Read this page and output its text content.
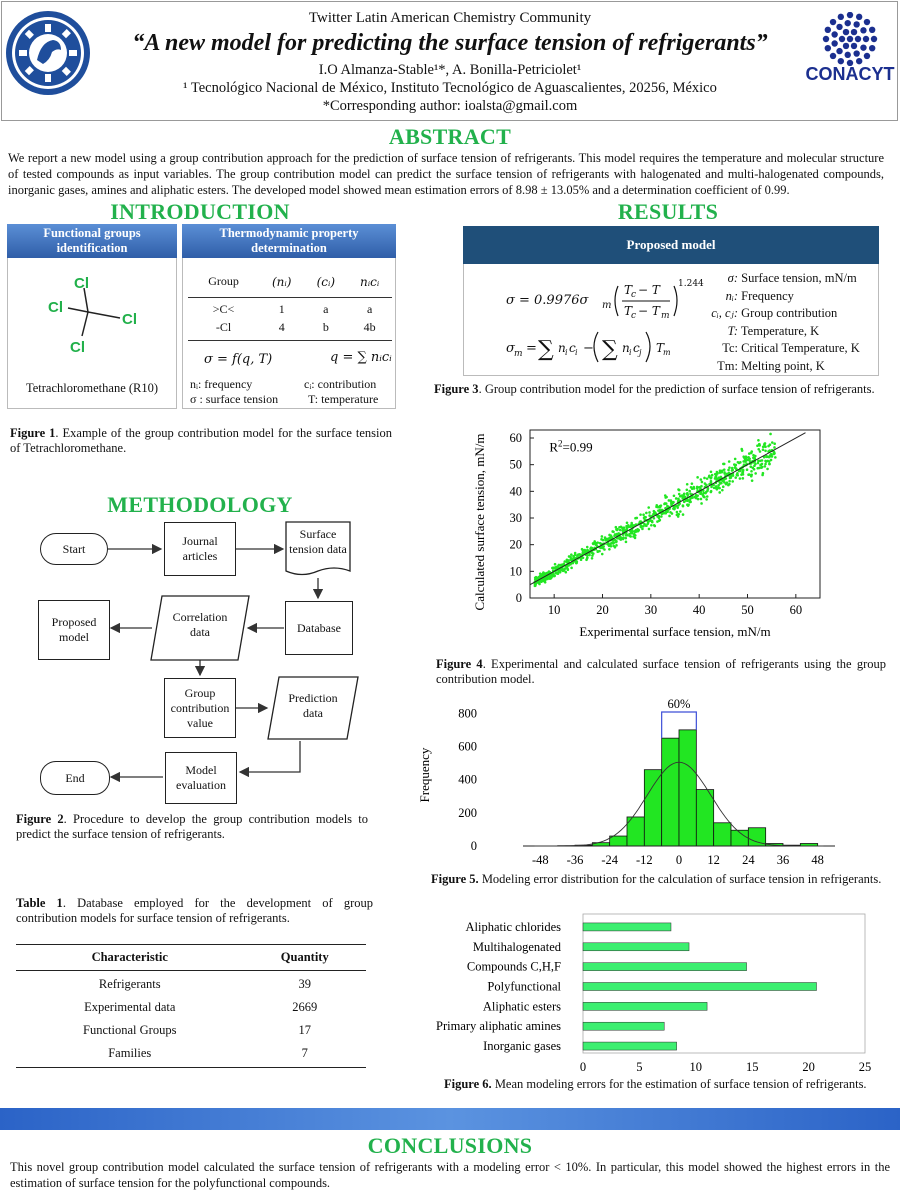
Twitter Latin American Chemistry Community
“A new model for predicting the surface tension of refrigerants”
I.O Almanza-Stable¹*, A. Bonilla-Petriciolet¹
¹ Tecnológico Nacional de México, Instituto Tecnológico de Aguascalientes, 20256, México
*Corresponding author: ioalsta@gmail.com
CONACYT
ABSTRACT
We report a new model using a group contribution approach for the prediction of surface tension of refrigerants. This model requires the temperature and molecular structure of tested compounds as input variables. The group contribution model can predict the surface tension of refrigerants with halogenated and multi-halogenated compounds, inorganic gases, amines and aliphatic esters. The developed model showed mean estimation errors of 8.98 ± 13.05% and a determination coefficient of 0.99.
INTRODUCTION
Functional groups identification
Cl
Cl
Cl
Cl
Tetrachloromethane (R10)
Thermodynamic property determination
Group	(nᵢ)	(cᵢ)	nᵢcᵢ
>C<	1	a	a
-Cl	4	b	4b
σ = f(q, T)	q = ∑ nᵢcᵢ
nᵢ: frequency	cᵢ: contribution
σ : surface tension T: temperature
Figure 1. Example of the group contribution model for the surface tension of Tetrachloromethane.
METHODOLOGY
Start
Journal articles
Surface tension data
Proposed model
Correlation data	Database
Group contribution value
Prediction data
End
Model evaluation
Figure 2. Procedure to develop the group contribution models to predict the surface tension of refrigerants.
Table 1. Database employed for the development of group contribution models for surface tension of refrigerants.
Characteristic	Quantity
Refrigerants	39
Experimental data	2669
Functional Groups	17
Families	7
RESULTS
Proposed model
σ = 0.9976σ m
T
c − T
T
c − T m
1.244
σ m = ∑ n i c i − ∑ n i c j T
m
σ: Surface tension, mN/m
nᵢ: Frequency
cᵢ, cⱼ: Group contribution
T: Temperature, K
Tc: Critical Temperature, K
Tm: Melting point, K
Figure 3. Group contribution model for the prediction of surface tension of refrigerants.
10	20	30	40	50	60
0
10
20
30
40
50
60
Experimental surface tension, mN/m
Calculated surface tension, mN/m	$R^2=0.99$
Figure 4. Experimental and calculated surface tension of refrigerants using the group contribution model.
-48 -36 -24 -12 0 12 24 36 48
0
200
400
600
800
Frequency
60%
Figure 5. Modeling error distribution for the calculation of surface tension in refrigerants.
Aliphatic chlorides
Multihalogenated
Compounds C,H,F
Polyfunctional
Aliphatic esters
Primary aliphatic amines
Inorganic gases
0	5	10	15	20	25
Figure 6. Mean modeling errors for the estimation of surface tension of refrigerants.
CONCLUSIONS
This novel group contribution model calculated the surface tension of refrigerants with a modeling error < 10%. In particular, this model showed the highest errors in the estimation of surface tension for the polyfunctional compounds.
